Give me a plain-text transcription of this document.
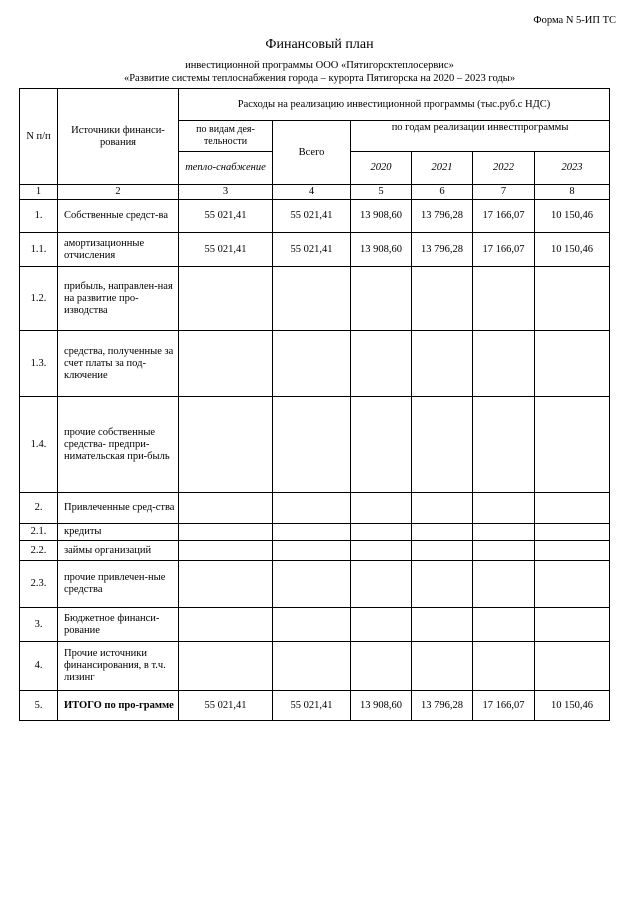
Форма N 5-ИП ТС
Финансовый план
инвестиционной программы ООО «Пятигорсктеплосервис»
«Развитие системы теплоснабжения города – курорта Пятигорска на 2020 – 2023 годы»
N п/п	Источники финанси-рования	Расходы на реализацию инвестиционной программы (тыс.руб.с НДС)					
		по видам дея-тельности	Всего	по годам реализации инвестпрограммы			
		тепло-снабжение		2020	2021	2022	2023
1	2	3	4	5	6	7	8
1.	Собственные средст-ва	55 021,41	55 021,41	13 908,60	13 796,28	17 166,07	10 150,46
1.1.	амортизационные отчисления	55 021,41	55 021,41	13 908,60	13 796,28	17 166,07	10 150,46
1.2.	прибыль, направлен-ная на развитие про-изводства						
1.3.	средства, полученные за счет платы за под-ключение						
1.4.	прочие собственные средства- предпри-нимательская при-быль						
2.	Привлеченные сред-ства						
2.1.	кредиты						
2.2.	займы организаций						
2.3.	прочие привлечен-ные средства						
3.	Бюджетное финанси-рование						
4.	Прочие источники финансирования, в т.ч. лизинг						
5.	ИТОГО по про-грамме	55 021,41	55 021,41	13 908,60	13 796,28	17 166,07	10 150,46
